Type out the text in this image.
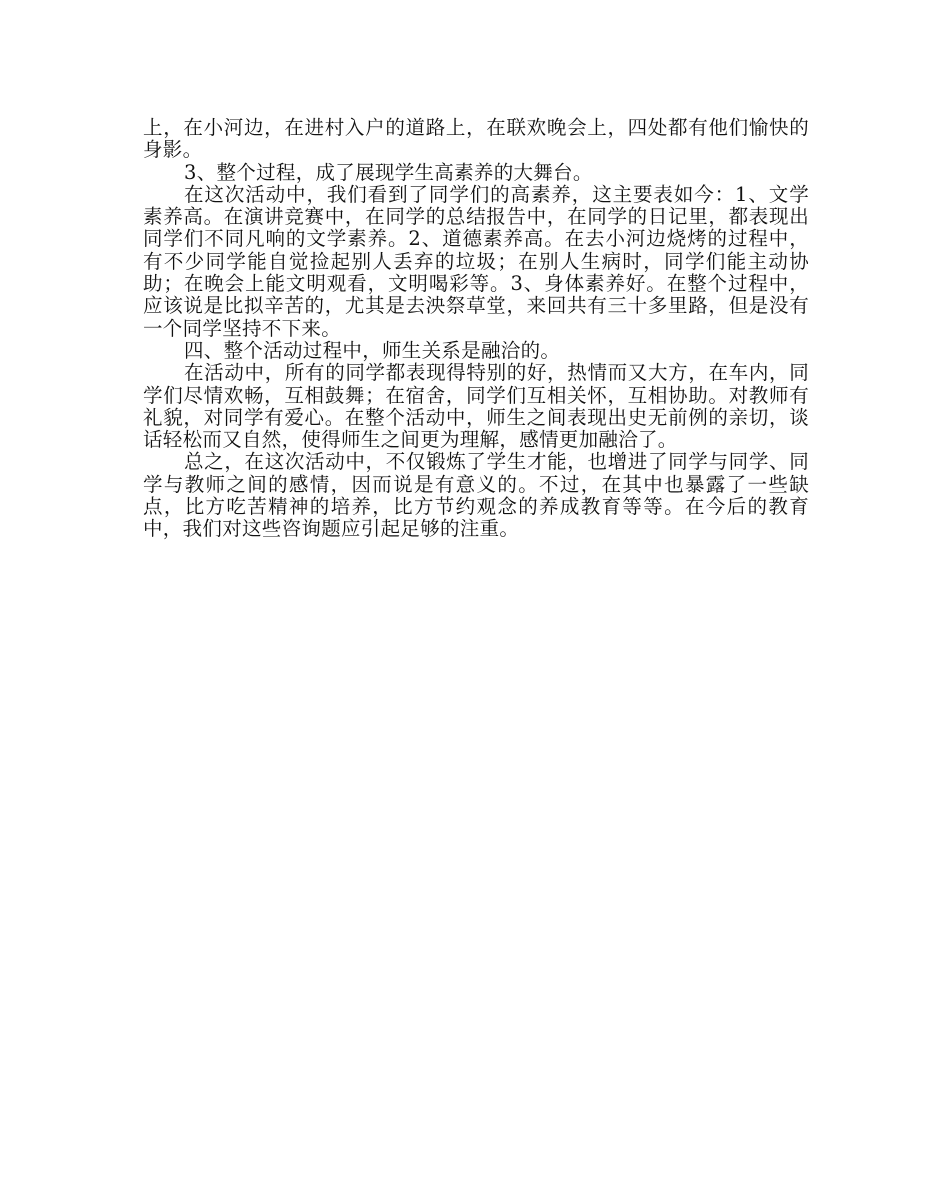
上，在小河边，在进村入户的道路上，在联欢晚会上，四处都有他们愉快的身影。

3、整个过程，成了展现学生高素养的大舞台。

在这次活动中，我们看到了同学们的高素养，这主要表如今：1、文学素养高。在演讲竞赛中，在同学的总结报告中，在同学的日记里，都表现出同学们不同凡响的文学素养。2、道德素养高。在去小河边烧烤的过程中，有不少同学能自觉捡起别人丢弃的垃圾；在别人生病时，同学们能主动协助；在晚会上能文明观看，文明喝彩等。3、身体素养好。在整个过程中，应该说是比拟辛苦的，尤其是去泱祭草堂，来回共有三十多里路，但是没有一个同学坚持不下来。

四、整个活动过程中，师生关系是融洽的。

在活动中，所有的同学都表现得特别的好，热情而又大方，在车内，同学们尽情欢畅，互相鼓舞；在宿舍，同学们互相关怀，互相协助。对教师有礼貌，对同学有爱心。在整个活动中，师生之间表现出史无前例的亲切，谈话轻松而又自然，使得师生之间更为理解，感情更加融洽了。

总之，在这次活动中，不仅锻炼了学生才能，也增进了同学与同学、同学与教师之间的感情，因而说是有意义的。不过，在其中也暴露了一些缺点，比方吃苦精神的培养，比方节约观念的养成教育等等。在今后的教育中，我们对这些咨询题应引起足够的注重。
